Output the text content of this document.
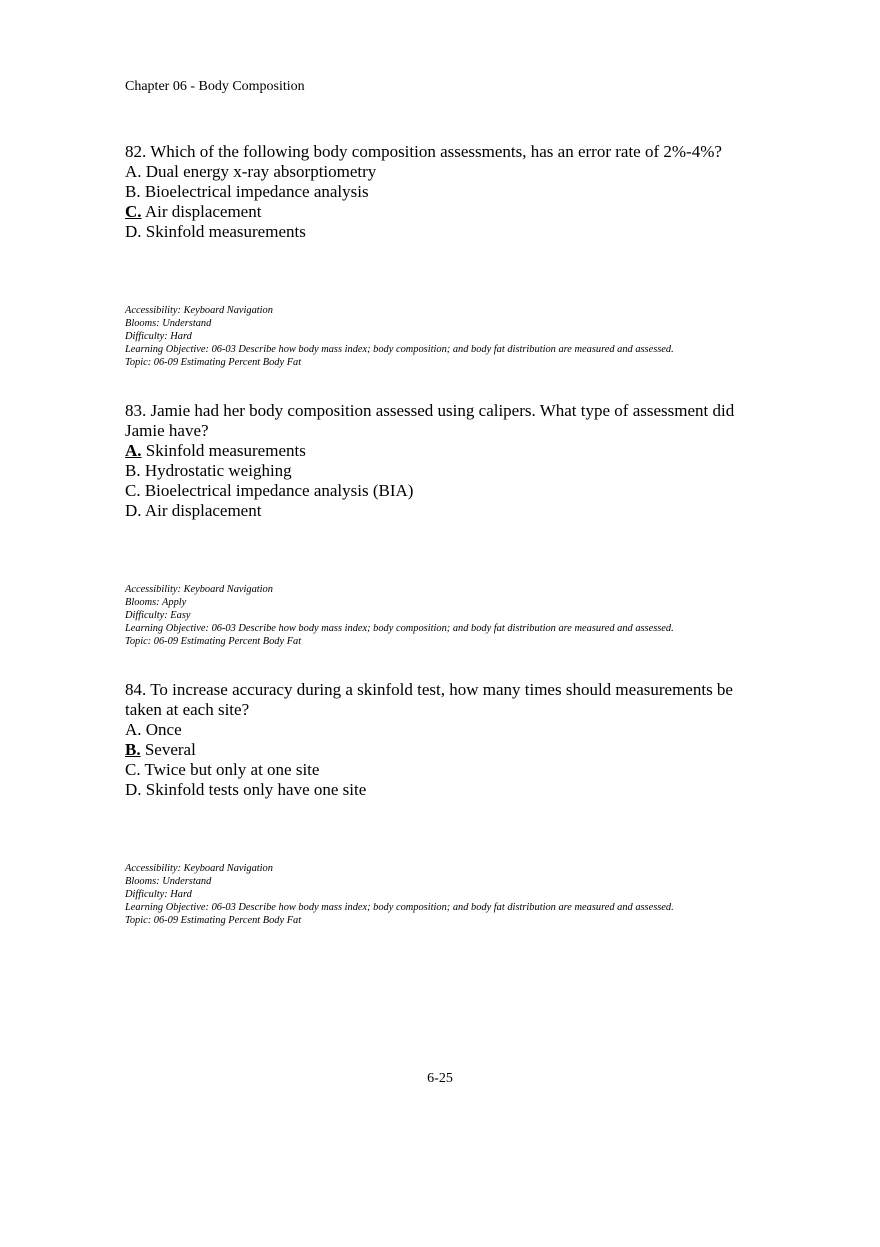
Chapter 06 - Body Composition
82. Which of the following body composition assessments, has an error rate of 2%-4%?
A. Dual energy x-ray absorptiometry
B. Bioelectrical impedance analysis
C. Air displacement
D. Skinfold measurements
Accessibility: Keyboard Navigation
Blooms: Understand
Difficulty: Hard
Learning Objective: 06-03 Describe how body mass index; body composition; and body fat distribution are measured and assessed.
Topic: 06-09 Estimating Percent Body Fat
83. Jamie had her body composition assessed using calipers. What type of assessment did Jamie have?
A. Skinfold measurements
B. Hydrostatic weighing
C. Bioelectrical impedance analysis (BIA)
D. Air displacement
Accessibility: Keyboard Navigation
Blooms: Apply
Difficulty: Easy
Learning Objective: 06-03 Describe how body mass index; body composition; and body fat distribution are measured and assessed.
Topic: 06-09 Estimating Percent Body Fat
84. To increase accuracy during a skinfold test, how many times should measurements be taken at each site?
A. Once
B. Several
C. Twice but only at one site
D. Skinfold tests only have one site
Accessibility: Keyboard Navigation
Blooms: Understand
Difficulty: Hard
Learning Objective: 06-03 Describe how body mass index; body composition; and body fat distribution are measured and assessed.
Topic: 06-09 Estimating Percent Body Fat
6-25
